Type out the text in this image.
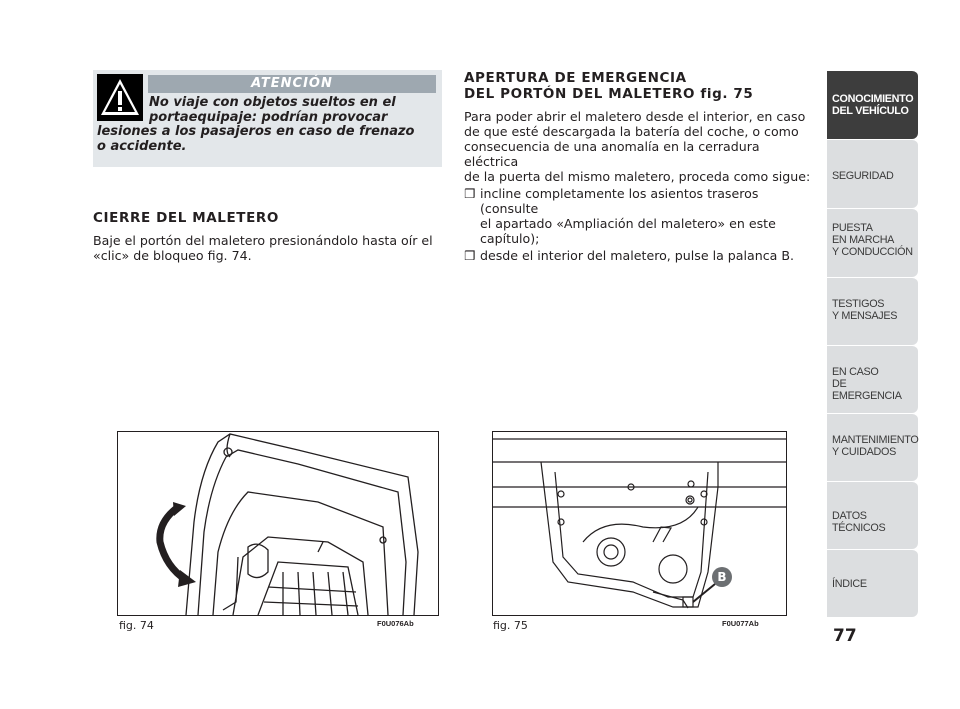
ATENCIÓN
No viaje con objetos sueltos en el
portaequipaje: podrían provocar
lesiones a los pasajeros en caso de frenazo
o accidente.
CIERRE DEL MALETERO
Baje el portón del maletero presionándolo hasta oír el
«clic» de bloqueo fig. 74.
APERTURA DE EMERGENCIA
DEL PORTÓN DEL MALETERO fig. 75
Para poder abrir el maletero desde el interior, en caso
de que esté descargada la batería del coche, o como
consecuencia de una anomalía en la cerradura eléctrica
de la puerta del mismo maletero, proceda como sigue:
❒ incline completamente los asientos traseros (consulte
el apartado «Ampliación del maletero» en este
capítulo);
❒ desde el interior del maletero, pulse la palanca B.
fig. 74	F0U076Ab
B
fig. 75	F0U077Ab
CONOCIMIENTO
DEL VEHÍCULO
SEGURIDAD
PUESTA
EN MARCHA
Y CONDUCCIÓN
TESTIGOS
Y MENSAJES
EN CASO
DE EMERGENCIA
MANTENIMIENTO
Y CUIDADOS
DATOS TÉCNICOS
ÍNDICE
77
